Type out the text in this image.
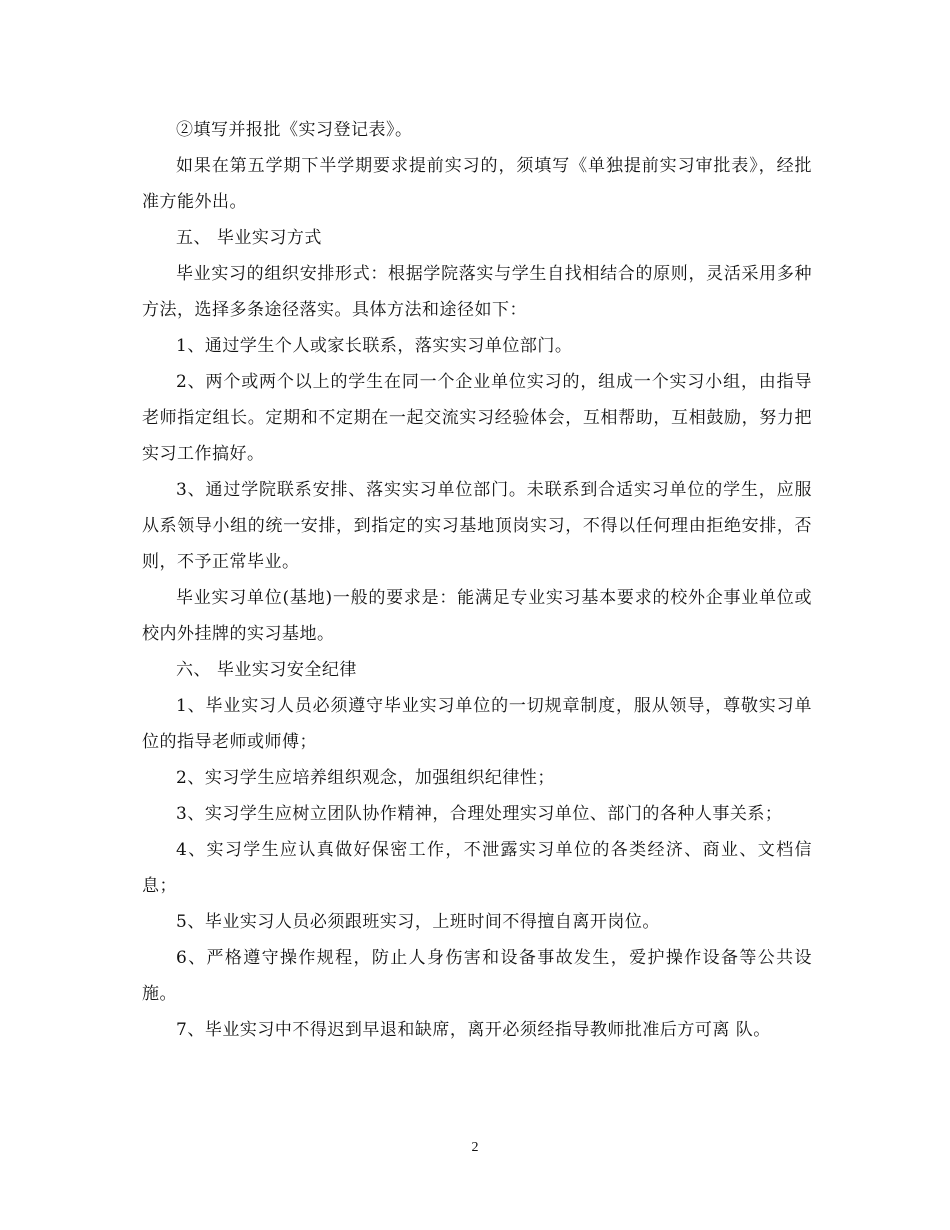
②填写并报批《实习登记表》。

如果在第五学期下半学期要求提前实习的，须填写《单独提前实习审批表》，经批准方能外出。

五、 毕业实习方式

毕业实习的组织安排形式：根据学院落实与学生自找相结合的原则，灵活采用多种方法，选择多条途径落实。具体方法和途径如下：

1、通过学生个人或家长联系，落实实习单位部门。

2、两个或两个以上的学生在同一个企业单位实习的，组成一个实习小组，由指导老师指定组长。定期和不定期在一起交流实习经验体会，互相帮助，互相鼓励，努力把实习工作搞好。

3、通过学院联系安排、落实实习单位部门。未联系到合适实习单位的学生，应服从系领导小组的统一安排，到指定的实习基地顶岗实习，不得以任何理由拒绝安排，否则，不予正常毕业。

毕业实习单位(基地)一般的要求是：能满足专业实习基本要求的校外企事业单位或校内外挂牌的实习基地。

六、 毕业实习安全纪律

1、毕业实习人员必须遵守毕业实习单位的一切规章制度，服从领导，尊敬实习单位的指导老师或师傅；

2、实习学生应培养组织观念，加强组织纪律性；

3、实习学生应树立团队协作精神，合理处理实习单位、部门的各种人事关系；

4、实习学生应认真做好保密工作，不泄露实习单位的各类经济、商业、文档信息；

5、毕业实习人员必须跟班实习，上班时间不得擅自离开岗位。

6、严格遵守操作规程，防止人身伤害和设备事故发生，爱护操作设备等公共设施。

7、毕业实习中不得迟到早退和缺席，离开必须经指导教师批准后方可离 队。

2
